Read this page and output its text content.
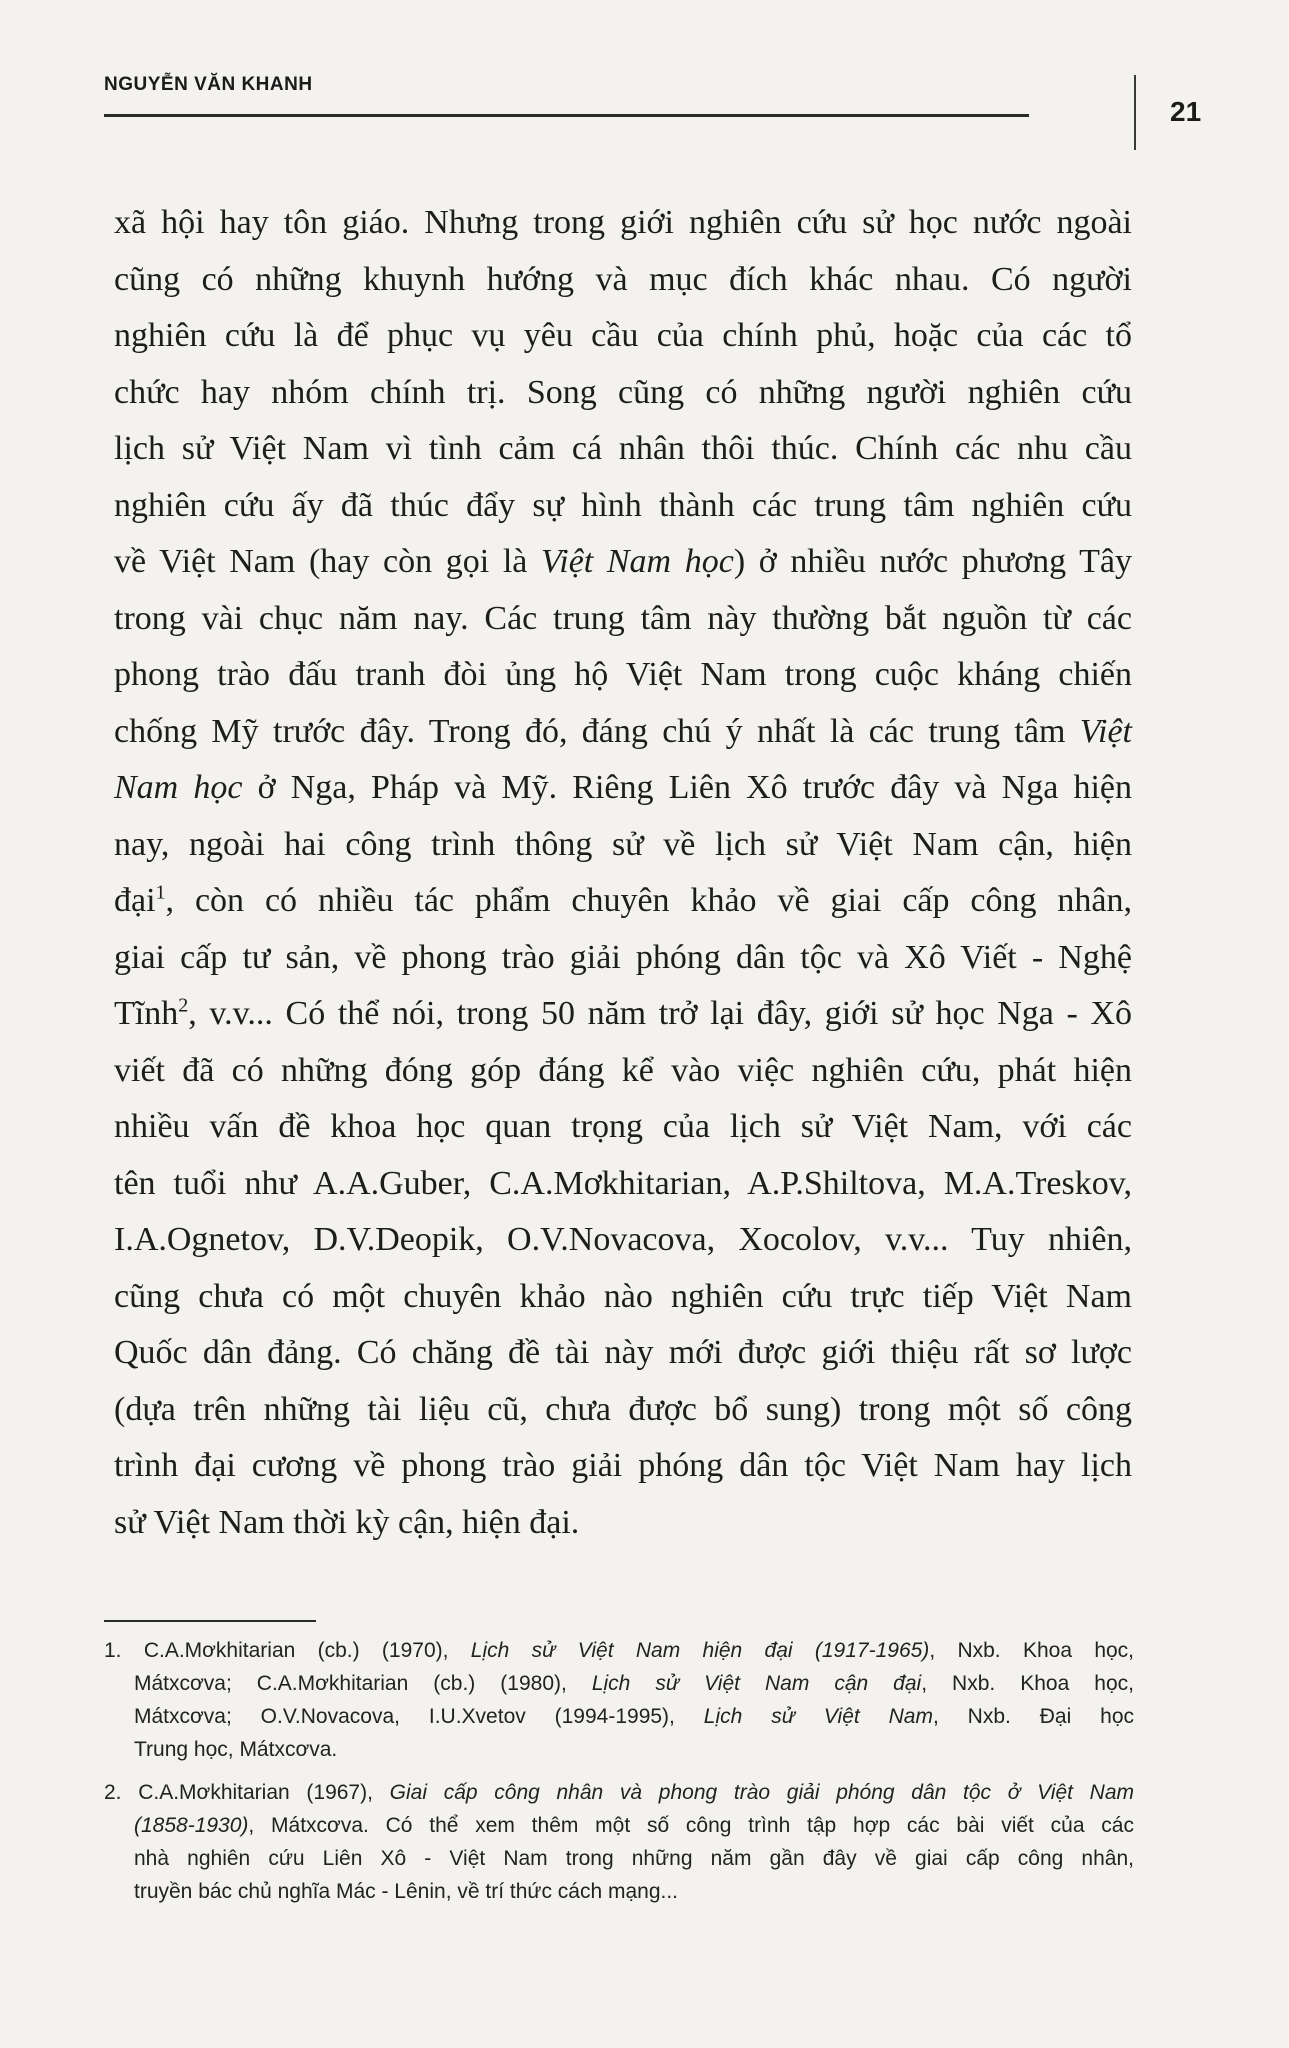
NGUYỄN VĂN KHANH
21
xã hội hay tôn giáo. Nhưng trong giới nghiên cứu sử học nước ngoài
cũng có những khuynh hướng và mục đích khác nhau. Có người
nghiên cứu là để phục vụ yêu cầu của chính phủ, hoặc của các tổ
chức hay nhóm chính trị. Song cũng có những người nghiên cứu
lịch sử Việt Nam vì tình cảm cá nhân thôi thúc. Chính các nhu cầu
nghiên cứu ấy đã thúc đẩy sự hình thành các trung tâm nghiên cứu
về Việt Nam (hay còn gọi là Việt Nam học) ở nhiều nước phương Tây
trong vài chục năm nay. Các trung tâm này thường bắt nguồn từ các
phong trào đấu tranh đòi ủng hộ Việt Nam trong cuộc kháng chiến
chống Mỹ trước đây. Trong đó, đáng chú ý nhất là các trung tâm Việt
Nam học ở Nga, Pháp và Mỹ. Riêng Liên Xô trước đây và Nga hiện
nay, ngoài hai công trình thông sử về lịch sử Việt Nam cận, hiện
đại$^1$, còn có nhiều tác phẩm chuyên khảo về giai cấp công nhân,
giai cấp tư sản, về phong trào giải phóng dân tộc và Xô Viết - Nghệ
Tĩnh$^2$, v.v... Có thể nói, trong 50 năm trở lại đây, giới sử học Nga - Xô
viết đã có những đóng góp đáng kể vào việc nghiên cứu, phát hiện
nhiều vấn đề khoa học quan trọng của lịch sử Việt Nam, với các
tên tuổi như A.A.Guber, C.A.Mơkhitarian, A.P.Shiltova, M.A.Treskov,
I.A.Ognetov, D.V.Deopik, O.V.Novacova, Xocolov, v.v... Tuy nhiên,
cũng chưa có một chuyên khảo nào nghiên cứu trực tiếp Việt Nam
Quốc dân đảng. Có chăng đề tài này mới được giới thiệu rất sơ lược
(dựa trên những tài liệu cũ, chưa được bổ sung) trong một số công
trình đại cương về phong trào giải phóng dân tộc Việt Nam hay lịch
sử Việt Nam thời kỳ cận, hiện đại.
1. C.A.Mơkhitarian (cb.) (1970), Lịch sử Việt Nam hiện đại (1917-1965), Nxb. Khoa học,
Mátxcơva; C.A.Mơkhitarian (cb.) (1980), Lịch sử Việt Nam cận đại, Nxb. Khoa học,
Mátxcơva; O.V.Novacova, I.U.Xvetov (1994-1995), Lịch sử Việt Nam, Nxb. Đại học
Trung học, Mátxcơva.
2. C.A.Mơkhitarian (1967), Giai cấp công nhân và phong trào giải phóng dân tộc ở Việt Nam
(1858-1930), Mátxcơva. Có thể xem thêm một số công trình tập hợp các bài viết của các
nhà nghiên cứu Liên Xô - Việt Nam trong những năm gần đây về giai cấp công nhân,
truyền bác chủ nghĩa Mác - Lênin, về trí thức cách mạng...
